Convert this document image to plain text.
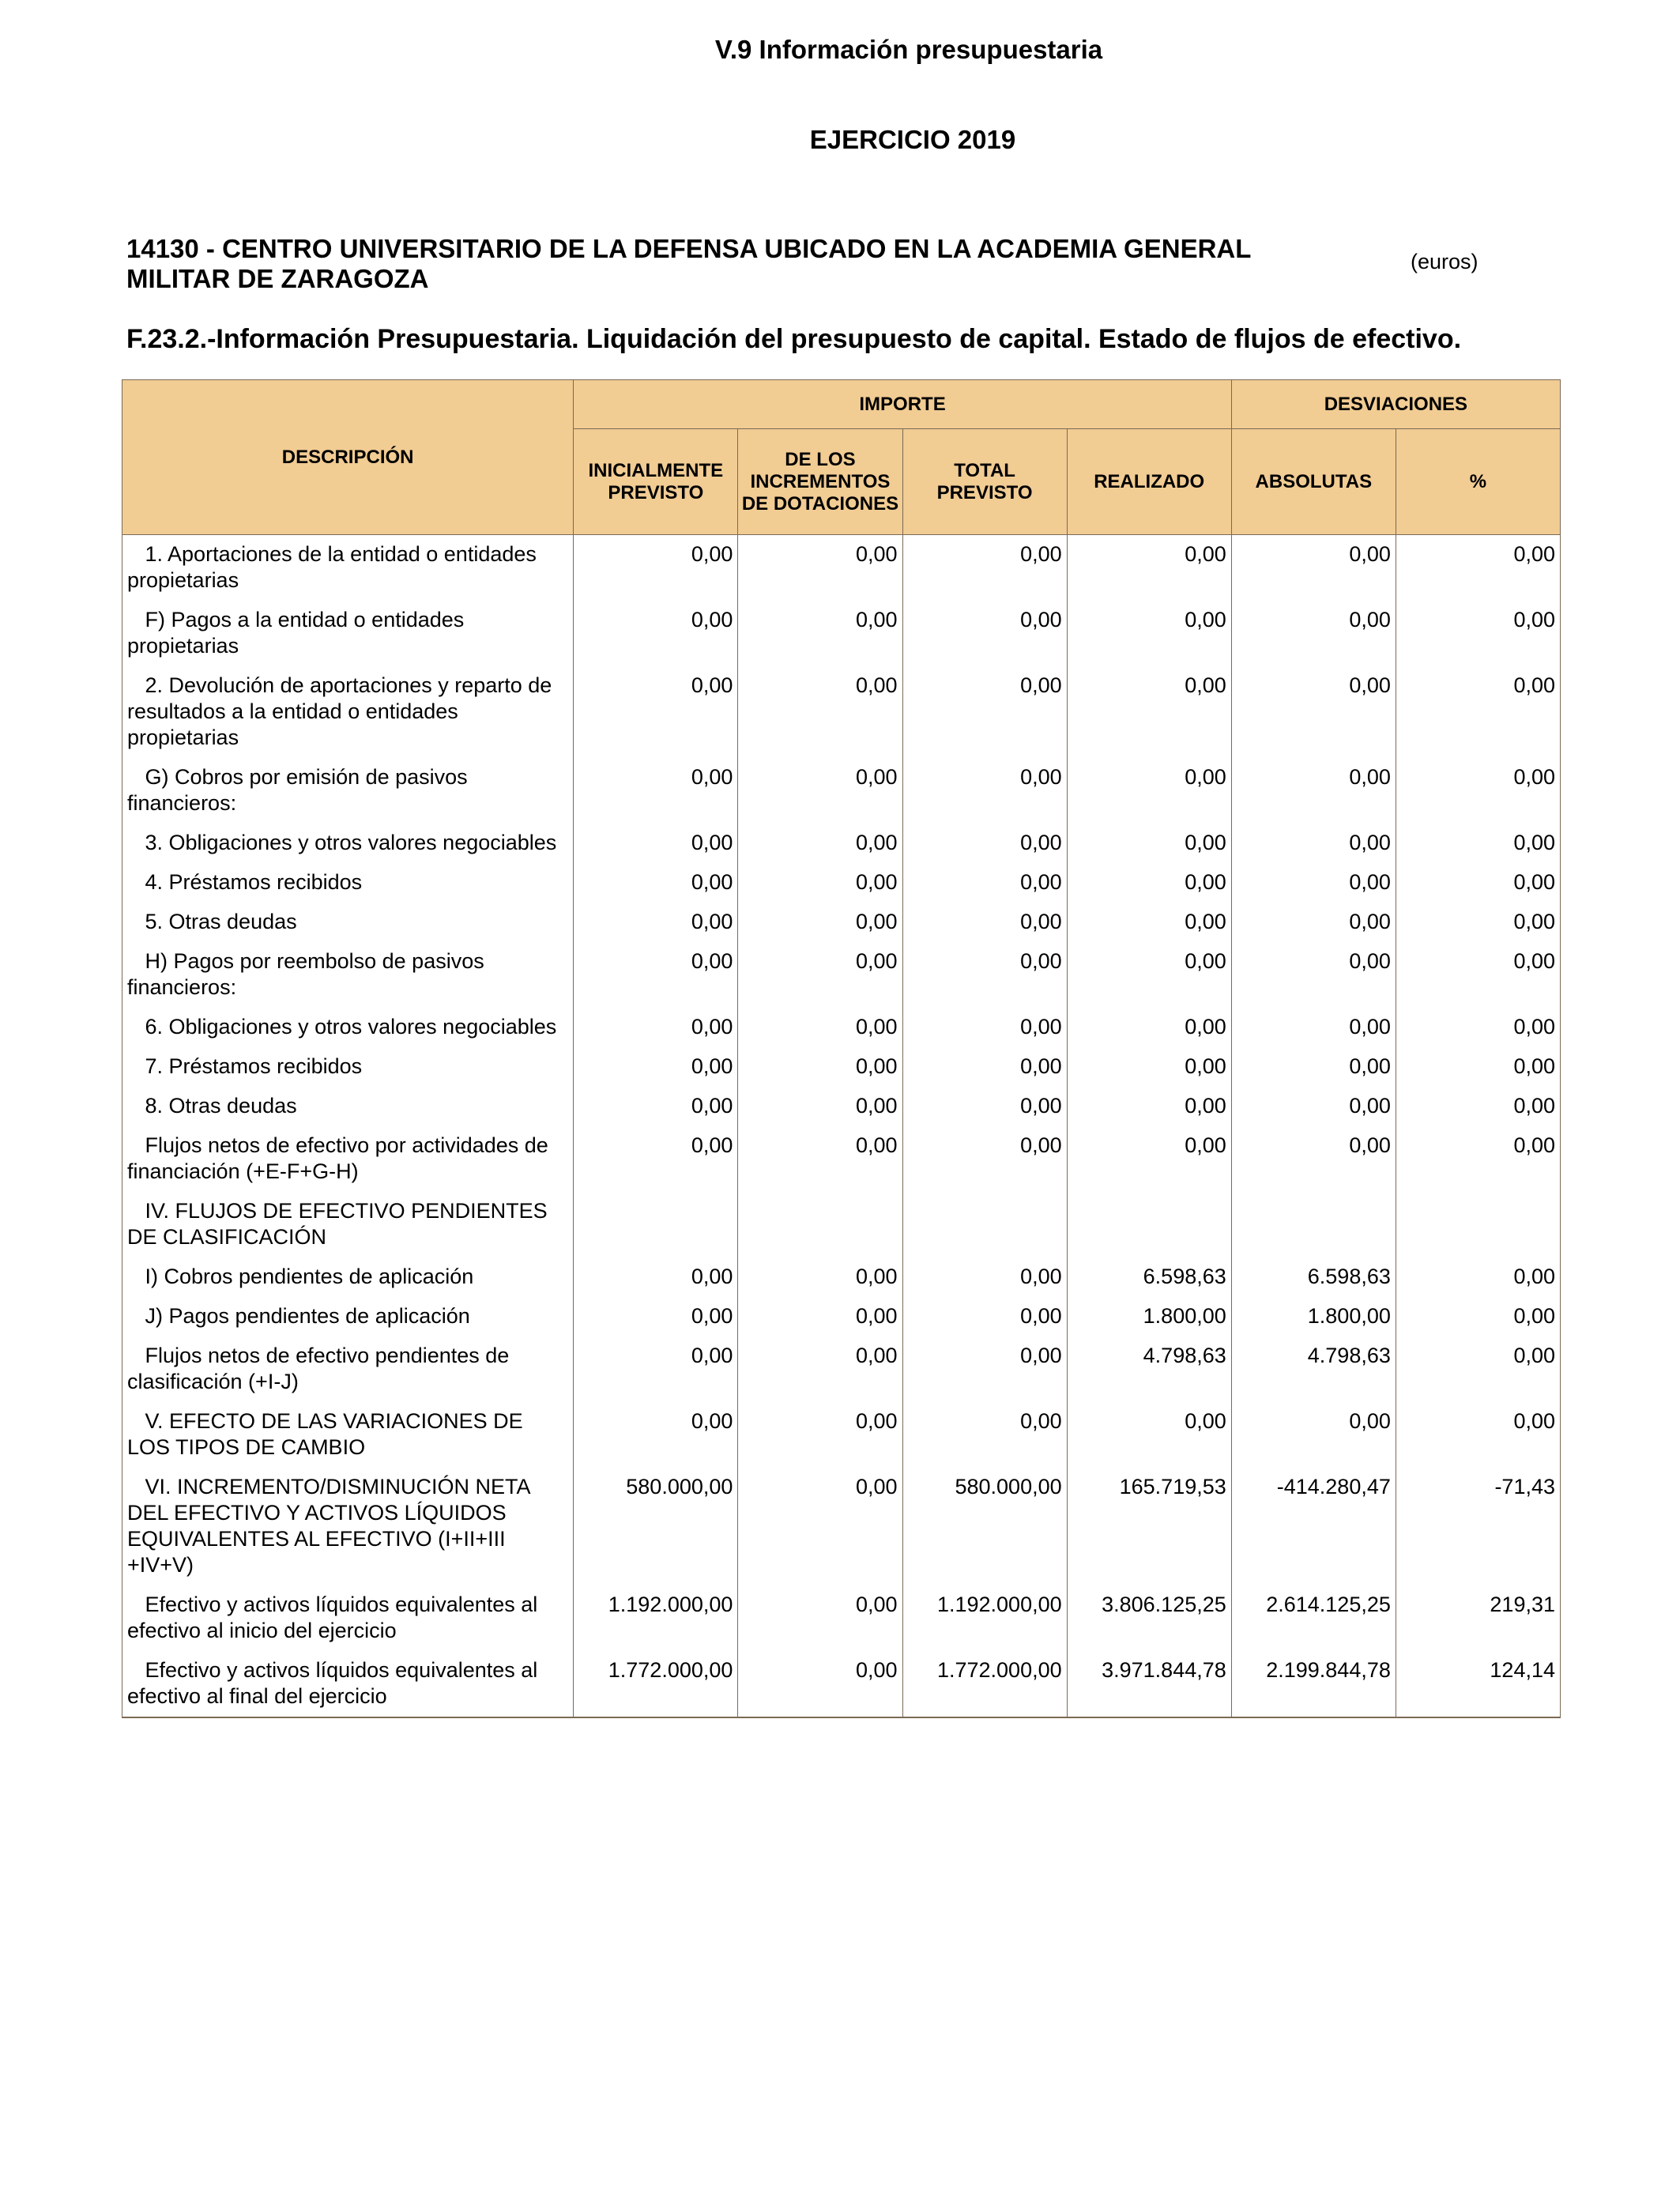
V.9 Información presupuestaria
EJERCICIO 2019
14130 - CENTRO UNIVERSITARIO DE LA DEFENSA UBICADO EN LA ACADEMIA GENERAL MILITAR DE ZARAGOZA
(euros)
F.23.2.-Información Presupuestaria. Liquidación del presupuesto de capital. Estado de flujos de efectivo.
DESCRIPCIÓN	IMPORTE				DESVIACIONES	
	INICIALMENTE PREVISTO	DE LOS INCREMENTOS DE DOTACIONES	TOTAL PREVISTO	REALIZADO	ABSOLUTAS	%
1. Aportaciones de la entidad o entidades propietarias	0,00	0,00	0,00	0,00	0,00	0,00
F) Pagos a la entidad o entidades propietarias	0,00	0,00	0,00	0,00	0,00	0,00
2. Devolución de aportaciones y reparto de resultados a la entidad o entidades propietarias	0,00	0,00	0,00	0,00	0,00	0,00
G) Cobros por emisión de pasivos financieros:	0,00	0,00	0,00	0,00	0,00	0,00
3. Obligaciones y otros valores negociables	0,00	0,00	0,00	0,00	0,00	0,00
4. Préstamos recibidos	0,00	0,00	0,00	0,00	0,00	0,00
5. Otras deudas	0,00	0,00	0,00	0,00	0,00	0,00
H) Pagos por reembolso de pasivos financieros:	0,00	0,00	0,00	0,00	0,00	0,00
6. Obligaciones y otros valores negociables	0,00	0,00	0,00	0,00	0,00	0,00
7. Préstamos recibidos	0,00	0,00	0,00	0,00	0,00	0,00
8. Otras deudas	0,00	0,00	0,00	0,00	0,00	0,00
Flujos netos de efectivo por actividades de financiación (+E-F+G-H)	0,00	0,00	0,00	0,00	0,00	0,00
IV. FLUJOS DE EFECTIVO PENDIENTES DE CLASIFICACIÓN						
I) Cobros pendientes de aplicación	0,00	0,00	0,00	6.598,63	6.598,63	0,00
J) Pagos pendientes de aplicación	0,00	0,00	0,00	1.800,00	1.800,00	0,00
Flujos netos de efectivo pendientes de clasificación (+I-J)	0,00	0,00	0,00	4.798,63	4.798,63	0,00
V. EFECTO DE LAS VARIACIONES DE LOS TIPOS DE CAMBIO	0,00	0,00	0,00	0,00	0,00	0,00
VI. INCREMENTO/DISMINUCIÓN NETA DEL EFECTIVO Y ACTIVOS LÍQUIDOS EQUIVALENTES AL EFECTIVO (I+II+III +IV+V)	580.000,00	0,00	580.000,00	165.719,53	-414.280,47	-71,43
Efectivo y activos líquidos equivalentes al efectivo al inicio del ejercicio	1.192.000,00	0,00	1.192.000,00	3.806.125,25	2.614.125,25	219,31
Efectivo y activos líquidos equivalentes al efectivo al final del ejercicio	1.772.000,00	0,00	1.772.000,00	3.971.844,78	2.199.844,78	124,14
